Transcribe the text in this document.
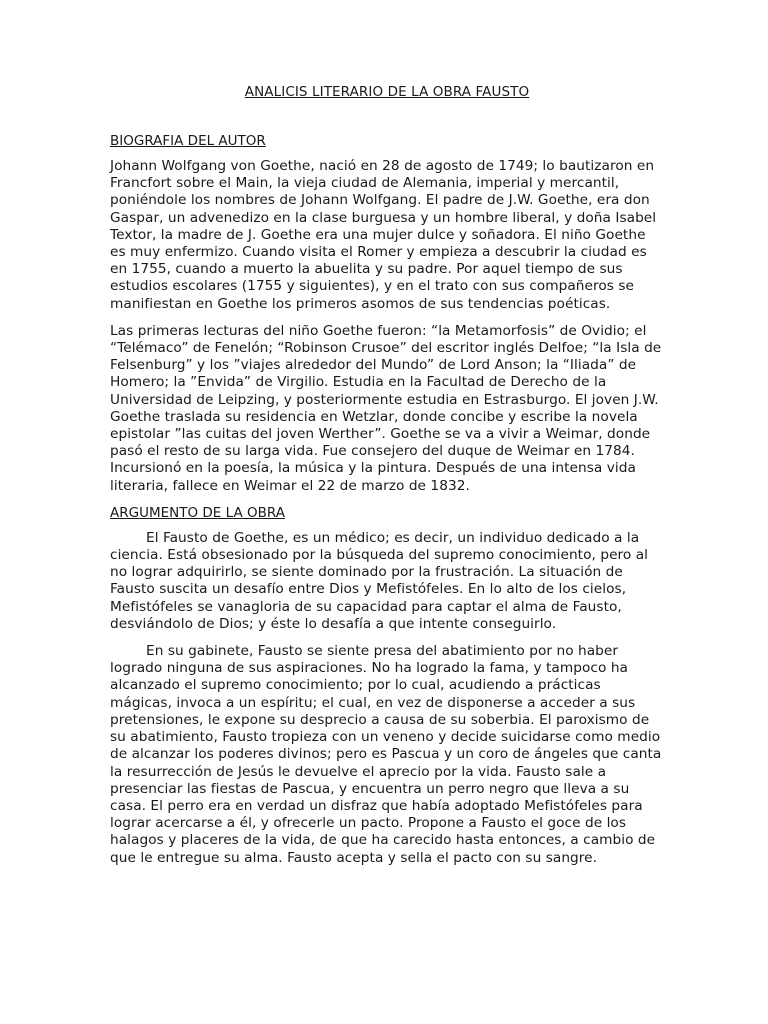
ANALICIS LITERARIO DE LA OBRA FAUSTO
BIOGRAFIA DEL AUTOR

Johann Wolfgang von Goethe, nació en 28 de agosto de 1749; lo bautizaron en Francfort sobre el Main, la vieja ciudad de Alemania, imperial y mercantil, poniéndole los nombres de Johann Wolfgang. El padre de J.W. Goethe, era don Gaspar, un advenedizo en la clase burguesa y un hombre liberal, y doña Isabel Textor, la madre de J. Goethe era una mujer dulce y soñadora. El niño Goethe es muy enfermizo. Cuando visita el Romer y empieza a descubrir la ciudad es en 1755, cuando a muerto la abuelita y su padre. Por aquel tiempo de sus estudios escolares (1755 y siguientes), y en el trato con sus compañeros se manifiestan en Goethe los primeros asomos de sus tendencias poéticas.

Las primeras lecturas del niño Goethe fueron: “la Metamorfosis” de Ovidio; el “Telémaco” de Fenelón; “Robinson Crusoe” del escritor inglés Delfoe; “la Isla de Felsenburg” y los ”viajes alrededor del Mundo” de Lord Anson; la “Iliada” de Homero; la ”Envida” de Virgilio. Estudia en la Facultad de Derecho de la Universidad de Leipzing, y posteriormente estudia en Estrasburgo. El joven J.W. Goethe traslada su residencia en Wetzlar, donde concibe y escribe la novela epistolar ”las cuitas del joven Werther”. Goethe se va a vivir a Weimar, donde pasó el resto de su larga vida. Fue consejero del duque de Weimar en 1784. Incursionó en la poesía, la música y la pintura. Después de una intensa vida literaria, fallece en Weimar el 22 de marzo de 1832.

ARGUMENTO DE LA OBRA

El Fausto de Goethe, es un médico; es decir, un individuo dedicado a la ciencia. Está obsesionado por la búsqueda del supremo conocimiento, pero al no lograr adquirirlo, se siente dominado por la frustración. La situación de Fausto suscita un desafío entre Dios y Mefistófeles. En lo alto de los cielos, Mefistófeles se vanagloria de su capacidad para captar el alma de Fausto, desviándolo de Dios; y éste lo desafía a que intente conseguirlo.

En su gabinete, Fausto se siente presa del abatimiento por no haber logrado ninguna de sus aspiraciones. No ha logrado la fama, y tampoco ha alcanzado el supremo conocimiento; por lo cual, acudiendo a prácticas mágicas, invoca a un espíritu; el cual, en vez de disponerse a acceder a sus pretensiones, le expone su desprecio a causa de su soberbia. El paroxismo de su abatimiento, Fausto tropieza con un veneno y decide suicidarse como medio de alcanzar los poderes divinos; pero es Pascua y un coro de ángeles que canta la resurrección de Jesús le devuelve el aprecio por la vida. Fausto sale a presenciar las fiestas de Pascua, y encuentra un perro negro que lleva a su casa. El perro era en verdad un disfraz que había adoptado Mefistófeles para lograr acercarse a él, y ofrecerle un pacto. Propone a Fausto el goce de los halagos y placeres de la vida, de que ha carecido hasta entonces, a cambio de que le entregue su alma. Fausto acepta y sella el pacto con su sangre.
